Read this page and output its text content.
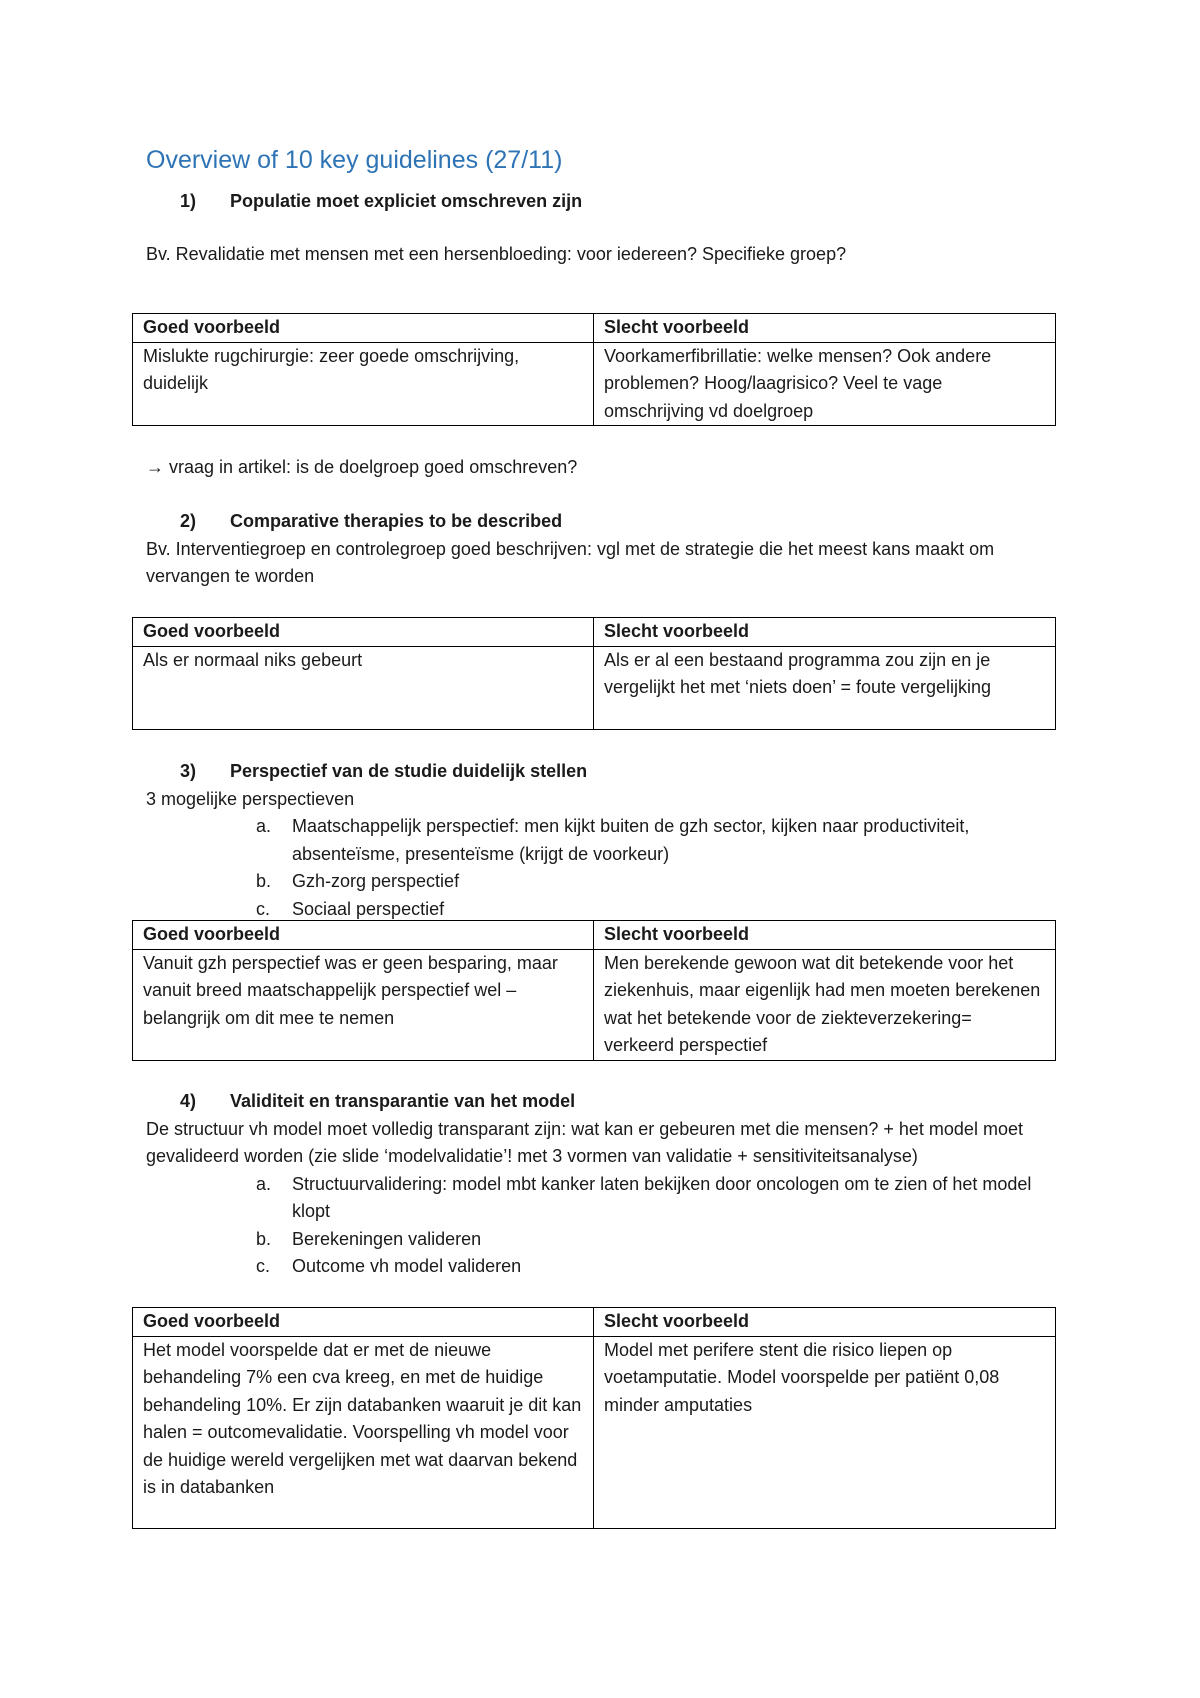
Overview of 10 key guidelines (27/11)
1) Populatie moet expliciet omschreven zijn

Bv. Revalidatie met mensen met een hersenbloeding: voor iedereen? Specifieke groep?

Goed voorbeeld	Slecht voorbeeld
Mislukte rugchirurgie: zeer goede omschrijving, duidelijk	Voorkamerfibrillatie: welke mensen? Ook andere problemen? Hoog/laagrisico? Veel te vage omschrijving vd doelgroep
→ vraag in artikel: is de doelgroep goed omschreven?
2) Comparative therapies to be described

Bv. Interventiegroep en controlegroep goed beschrijven: vgl met de strategie die het meest kans maakt om vervangen te worden

Goed voorbeeld	Slecht voorbeeld
Als er normaal niks gebeurt	Als er al een bestaand programma zou zijn en je vergelijkt het met ‘niets doen’ = foute vergelijking
3) Perspectief van de studie duidelijk stellen

3 mogelijke perspectieven

a. Maatschappelijk perspectief: men kijkt buiten de gzh sector, kijken naar productiviteit, absenteïsme, presenteïsme (krijgt de voorkeur)
b. Gzh-zorg perspectief
c. Sociaal perspectief
Goed voorbeeld	Slecht voorbeeld
Vanuit gzh perspectief was er geen besparing, maar vanuit breed maatschappelijk perspectief wel – belangrijk om dit mee te nemen	Men berekende gewoon wat dit betekende voor het ziekenhuis, maar eigenlijk had men moeten berekenen wat het betekende voor de ziekteverzekering= verkeerd perspectief
4) Validiteit en transparantie van het model

De structuur vh model moet volledig transparant zijn: wat kan er gebeuren met die mensen? + het model moet gevalideerd worden (zie slide ‘modelvalidatie’! met 3 vormen van validatie + sensitiviteitsanalyse)

a. Structuurvalidering: model mbt kanker laten bekijken door oncologen om te zien of het model klopt
b. Berekeningen valideren
c. Outcome vh model valideren
Goed voorbeeld	Slecht voorbeeld
Het model voorspelde dat er met de nieuwe behandeling 7% een cva kreeg, en met de huidige behandeling 10%. Er zijn databanken waaruit je dit kan halen = outcomevalidatie. Voorspelling vh model voor de huidige wereld vergelijken met wat daarvan bekend is in databanken	Model met perifere stent die risico liepen op voetamputatie. Model voorspelde per patiënt 0,08 minder amputaties
